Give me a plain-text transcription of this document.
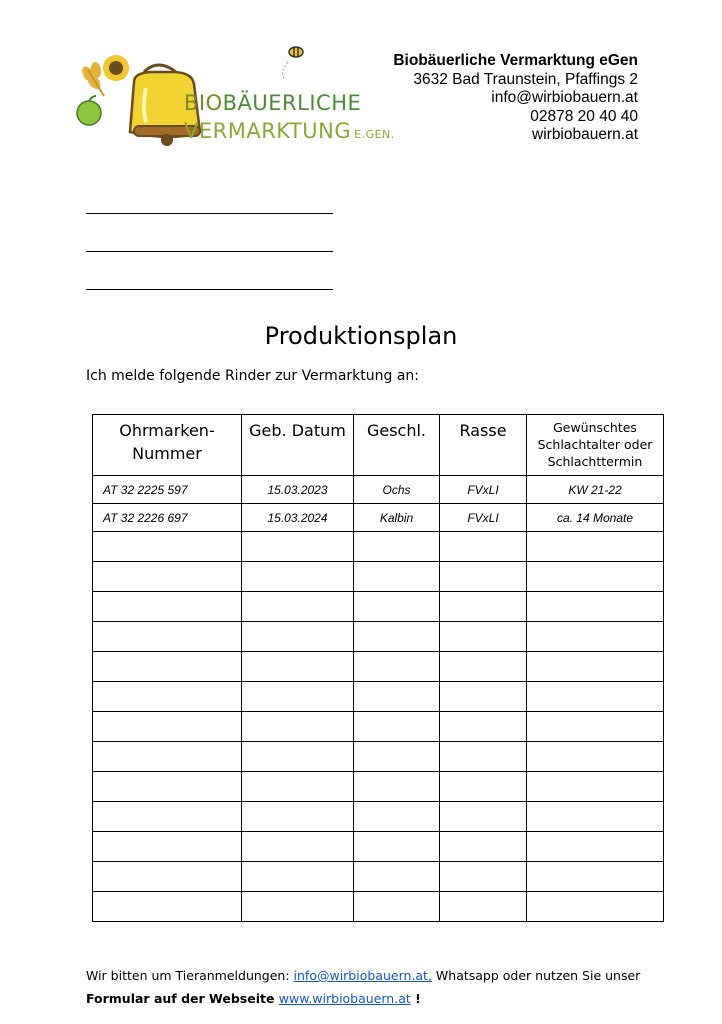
BIOBÄUERLICHE
VERMARKTUNG E.GEN.
Biobäuerliche Vermarktung eGen
3632 Bad Traunstein, Pfaffings 2
info@wirbiobauern.at
02878 20 40 40
wirbiobauern.at
Produktionsplan
Ich melde folgende Rinder zur Vermarktung an:
Ohrmarken-
Nummer	Geb. Datum	Geschl.	Rasse	Gewünschtes
Schlachtalter oder
Schlachttermin
AT 32 2225 597	15.03.2023	Ochs	FVxLI	KW 21-22
AT 32 2226 697	15.03.2024	Kalbin	FVxLI	ca. 14 Monate

Wir bitten um Tieranmeldungen: info@wirbiobauern.at, Whatsapp oder nutzen Sie unser
Formular auf der Webseite www.wirbiobauern.at !
